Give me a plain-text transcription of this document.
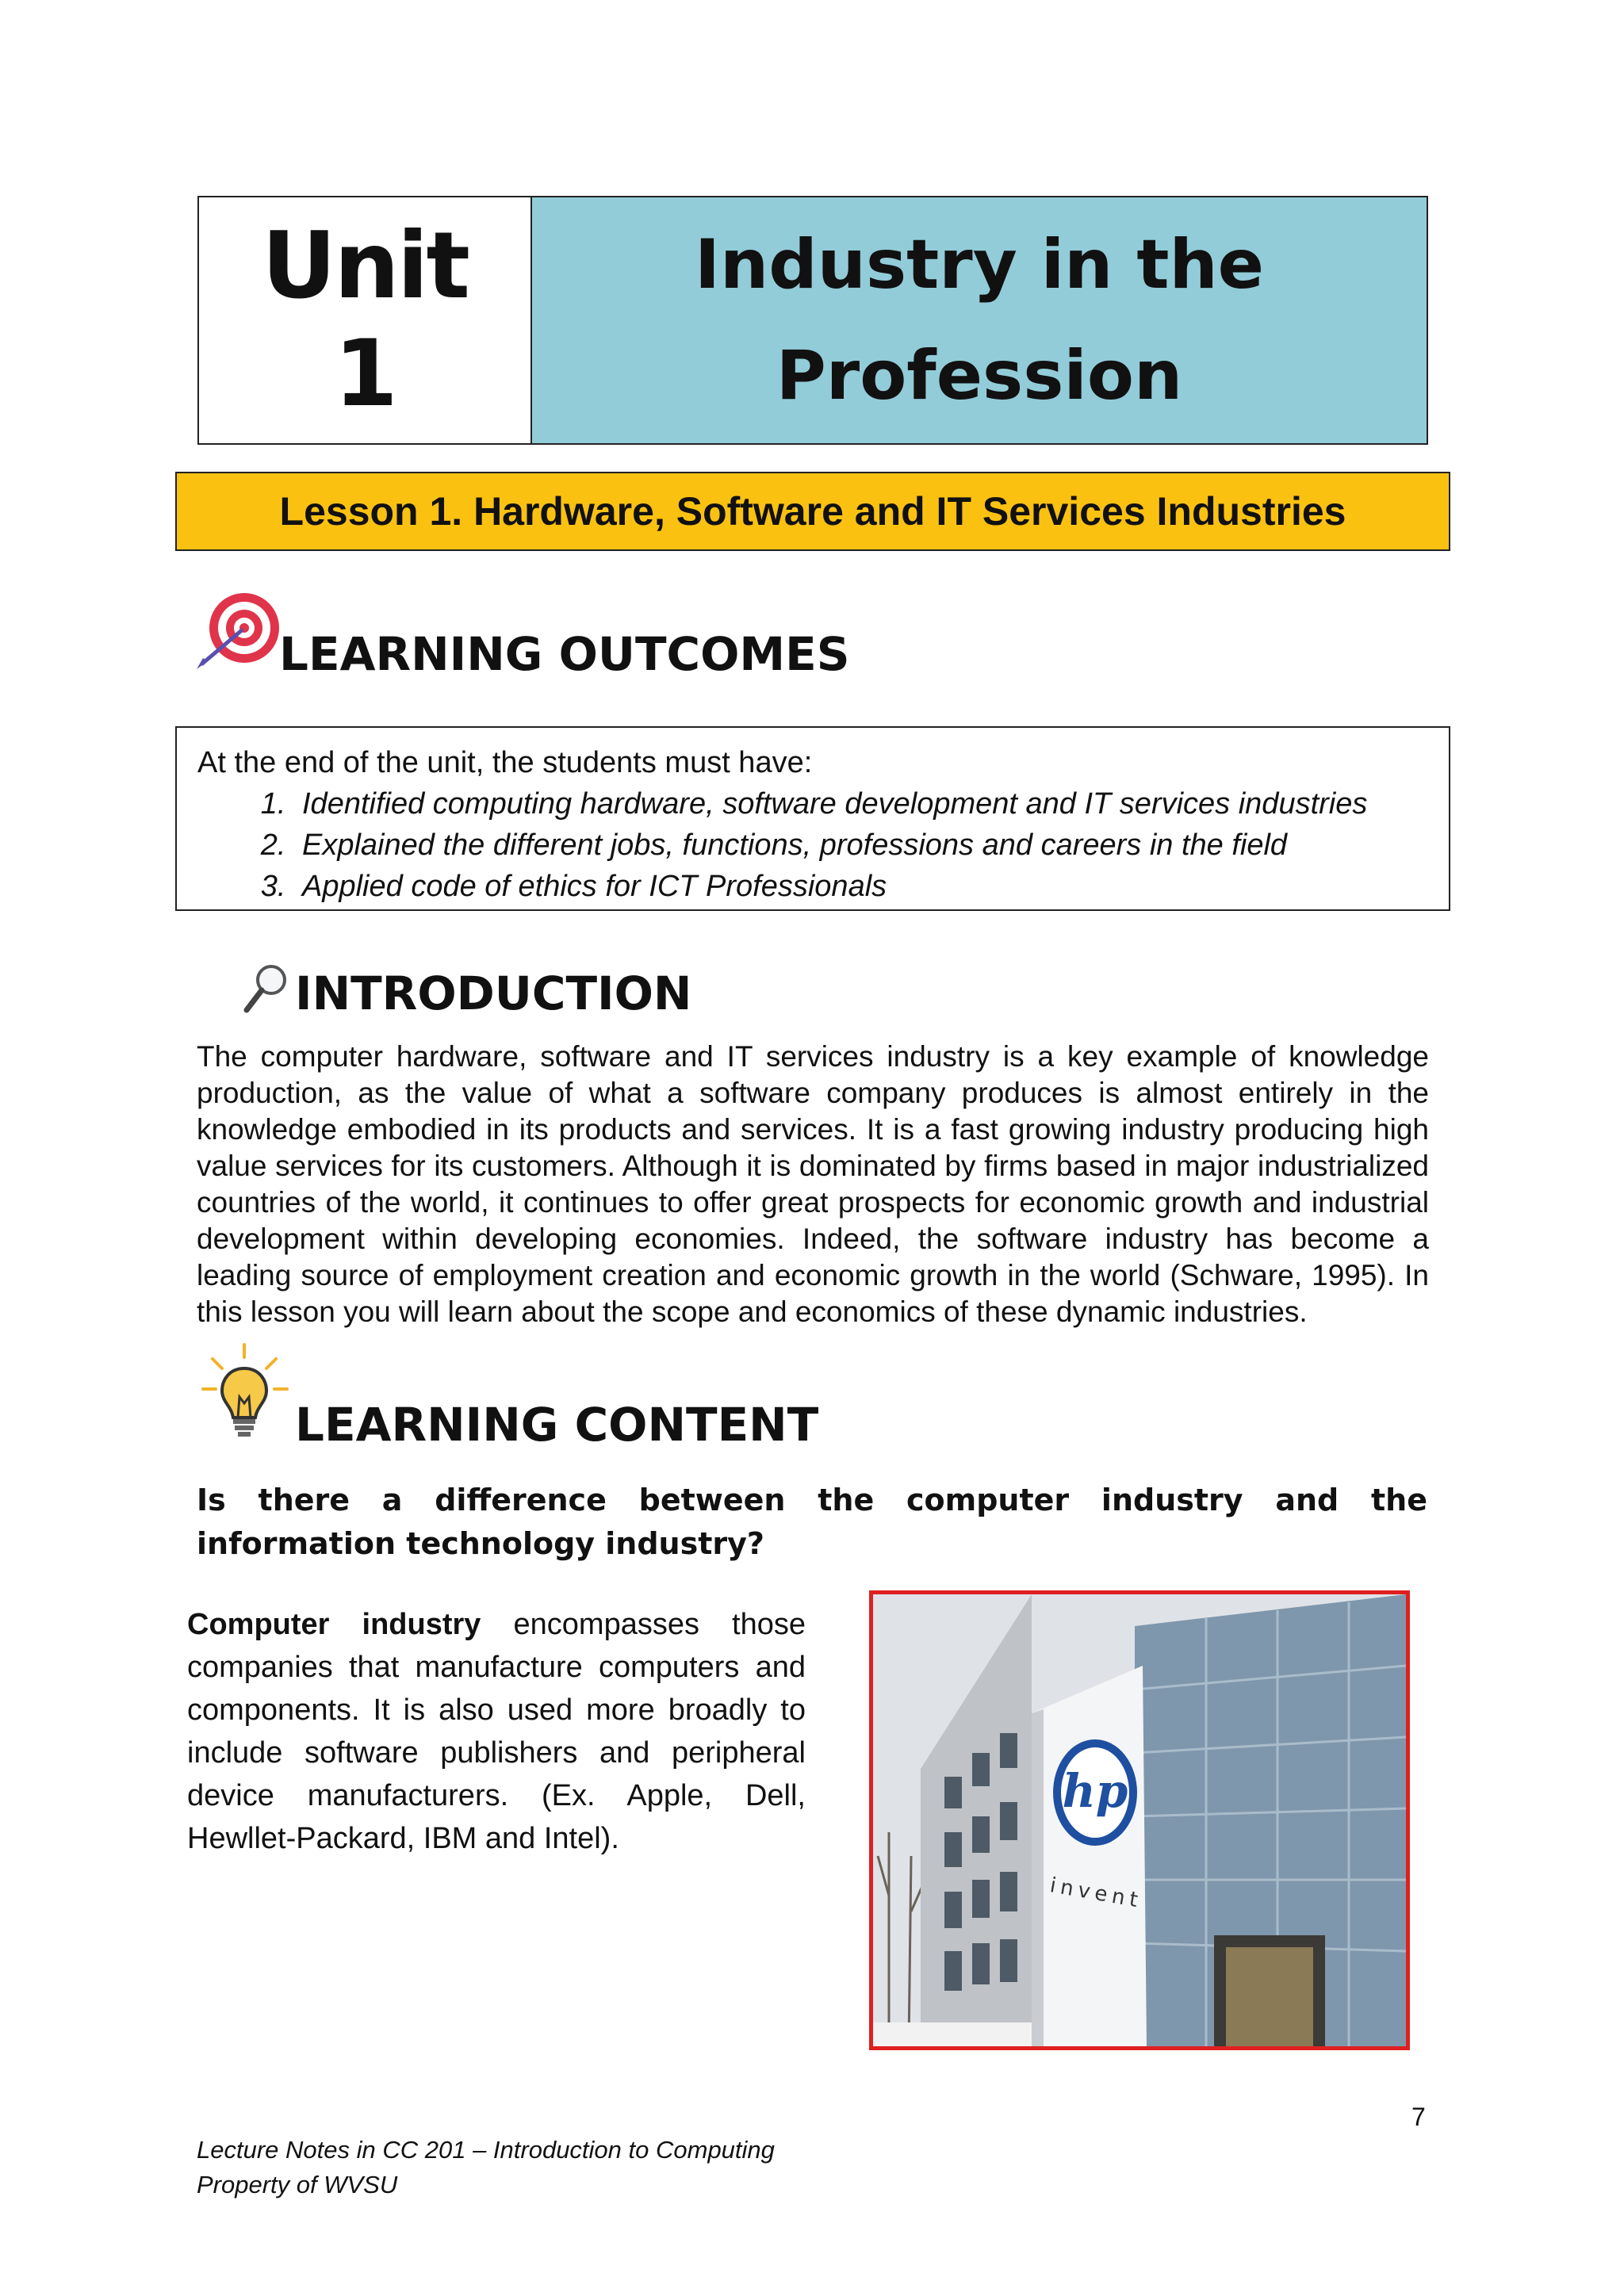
Unit
1
Industry in the
Profession
Lesson 1. Hardware, Software and IT Services Industries
LEARNING OUTCOMES
At the end of the unit, the students must have:
1. Identified computing hardware, software development and IT services industries
2. Explained the different jobs, functions, professions and careers in the field
3. Applied code of ethics for ICT Professionals
INTRODUCTION
The computer hardware, software and IT services industry is a key example of knowledge production, as the value of what a software company produces is almost entirely in the knowledge embodied in its products and services. It is a fast growing industry producing high value services for its customers. Although it is dominated by firms based in major industrialized countries of the world, it continues to offer great prospects for economic growth and industrial development within developing economies. Indeed, the software industry has become a leading source of employment creation and economic growth in the world (Schware, 1995). In this lesson you will learn about the scope and economics of these dynamic industries.
LEARNING CONTENT
Is there a difference between the computer industry and the information technology industry?
Computer industry encompasses those companies that manufacture computers and components. It is also used more broadly to include software publishers and peripheral device manufacturers. (Ex. Apple, Dell, Hewllet-Packard, IBM and Intel).
hp
invent
7
Lecture Notes in CC 201 – Introduction to Computing
Property of WVSU
